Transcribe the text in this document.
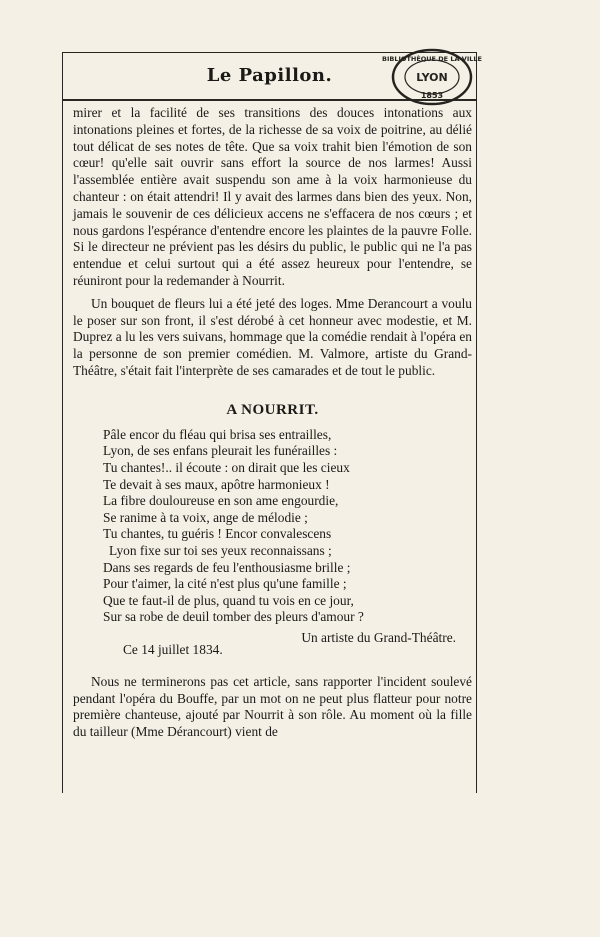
Le Papillon.
BIBLIOTHÈQUE DE LA VILLE
LYON
1853

mirer et la facilité de ses transitions des douces intonations aux intonations pleines et fortes, de la richesse de sa voix de poitrine, au délié tout délicat de ses notes de tête. Que sa voix trahit bien l'émotion de son cœur! qu'elle sait ouvrir sans effort la source de nos larmes! Aussi l'assemblée entière avait suspendu son ame à la voix harmonieuse du chanteur : on était attendri! Il y avait des larmes dans bien des yeux. Non, jamais le souvenir de ces délicieux accens ne s'effacera de nos cœurs ; et nous gardons l'espérance d'entendre encore les plaintes de la pauvre Folle. Si le directeur ne prévient pas les désirs du public, le public qui ne l'a pas entendue et celui surtout qui a été assez heureux pour l'entendre, se réuniront pour la redemander à Nourrit.

Un bouquet de fleurs lui a été jeté des loges. Mme Derancourt a voulu le poser sur son front, il s'est dérobé à cet honneur avec modestie, et M. Duprez a lu les vers suivans, hommage que la comédie rendait à l'opéra en la personne de son premier comédien. M. Valmore, artiste du Grand-Théâtre, s'était fait l'interprète de ses camarades et de tout le public.

A NOURRIT.

Pâle encor du fléau qui brisa ses entrailles,

Lyon, de ses enfans pleurait les funérailles :

Tu chantes!.. il écoute : on dirait que les cieux

Te devait à ses maux, apôtre harmonieux !

La fibre douloureuse en son ame engourdie,

Se ranime à ta voix, ange de mélodie ;

Tu chantes, tu guéris ! Encor convalescens

Lyon fixe sur toi ses yeux reconnaissans ;

Dans ses regards de feu l'enthousiasme brille ;

Pour t'aimer, la cité n'est plus qu'une famille ;

Que te faut-il de plus, quand tu vois en ce jour,

Sur sa robe de deuil tomber des pleurs d'amour ?

Un artiste du Grand-Théâtre.
Ce 14 juillet 1834.

Nous ne terminerons pas cet article, sans rapporter l'incident soulevé pendant l'opéra du Bouffe, par un mot on ne peut plus flatteur pour notre première chanteuse, ajouté par Nourrit à son rôle. Au moment où la fille du tailleur (Mme Dérancourt) vient de
